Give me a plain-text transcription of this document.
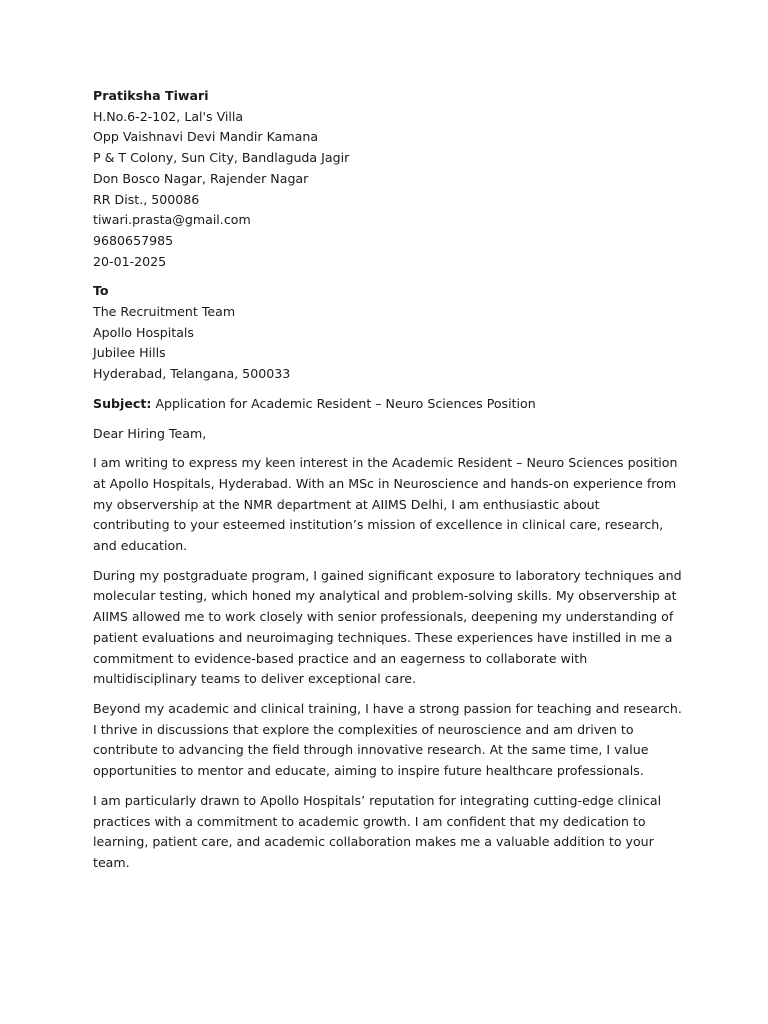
Pratiksha Tiwari
H.No.6-2-102, Lal's Villa
Opp Vaishnavi Devi Mandir Kamana
P & T Colony, Sun City, Bandlaguda Jagir
Don Bosco Nagar, Rajender Nagar
RR Dist., 500086
tiwari.prasta@gmail.com
9680657985
20-01-2025
To
The Recruitment Team
Apollo Hospitals
Jubilee Hills
Hyderabad, Telangana, 500033
Subject: Application for Academic Resident – Neuro Sciences Position
Dear Hiring Team,
I am writing to express my keen interest in the Academic Resident – Neuro Sciences position
at Apollo Hospitals, Hyderabad. With an MSc in Neuroscience and hands-on experience from
my observership at the NMR department at AIIMS Delhi, I am enthusiastic about
contributing to your esteemed institution’s mission of excellence in clinical care, research,
and education.
During my postgraduate program, I gained significant exposure to laboratory techniques and
molecular testing, which honed my analytical and problem-solving skills. My observership at
AIIMS allowed me to work closely with senior professionals, deepening my understanding of
patient evaluations and neuroimaging techniques. These experiences have instilled in me a
commitment to evidence-based practice and an eagerness to collaborate with
multidisciplinary teams to deliver exceptional care.
Beyond my academic and clinical training, I have a strong passion for teaching and research.
I thrive in discussions that explore the complexities of neuroscience and am driven to
contribute to advancing the field through innovative research. At the same time, I value
opportunities to mentor and educate, aiming to inspire future healthcare professionals.
I am particularly drawn to Apollo Hospitals’ reputation for integrating cutting-edge clinical
practices with a commitment to academic growth. I am confident that my dedication to
learning, patient care, and academic collaboration makes me a valuable addition to your
team.
